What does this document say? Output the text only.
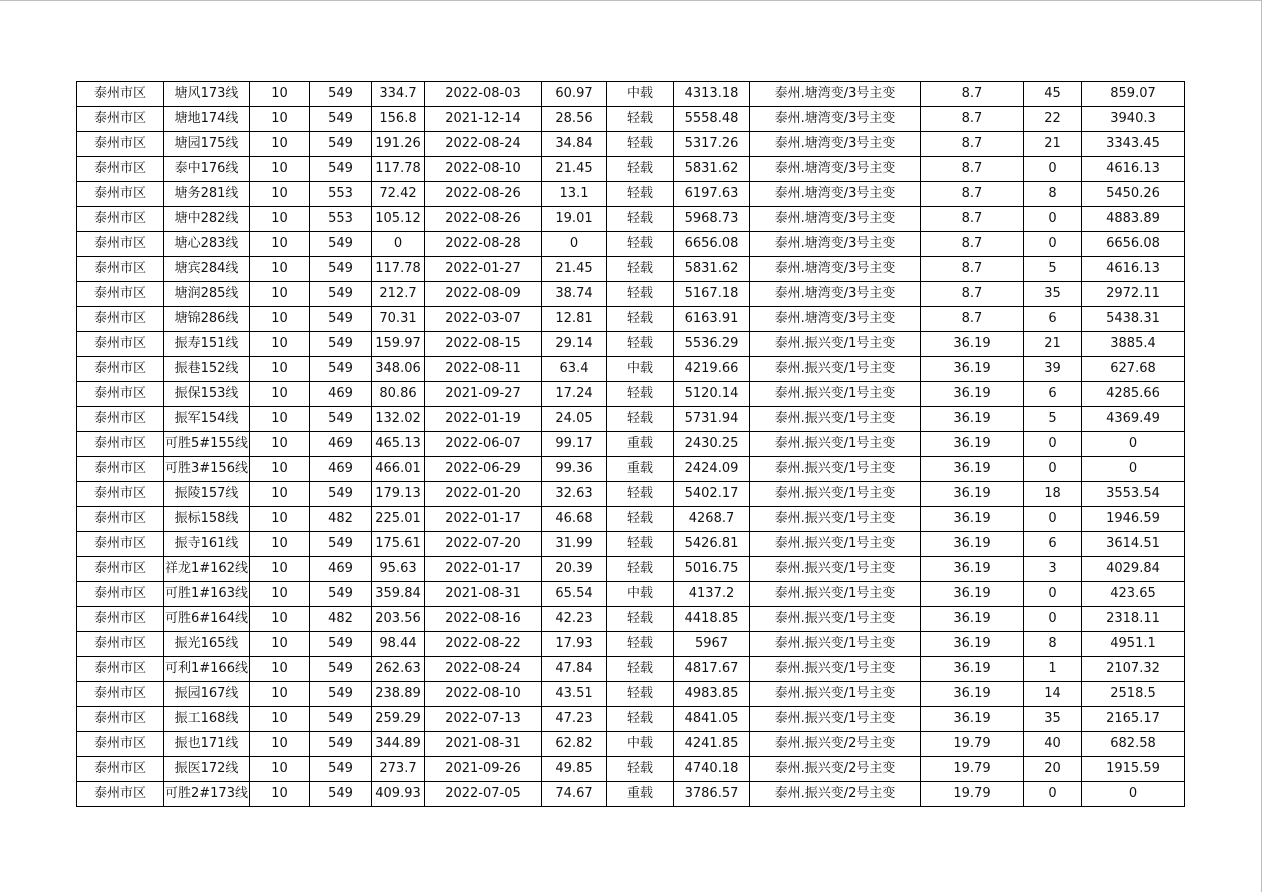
泰州市区	塘风173线	10	549	334.7	2022-08-03	60.97	中载	4313.18	泰州.塘湾变/3号主变	8.7	45	859.07
泰州市区	塘地174线	10	549	156.8	2021-12-14	28.56	轻载	5558.48	泰州.塘湾变/3号主变	8.7	22	3940.3
泰州市区	塘园175线	10	549	191.26	2022-08-24	34.84	轻载	5317.26	泰州.塘湾变/3号主变	8.7	21	3343.45
泰州市区	泰中176线	10	549	117.78	2022-08-10	21.45	轻载	5831.62	泰州.塘湾变/3号主变	8.7	0	4616.13
泰州市区	塘务281线	10	553	72.42	2022-08-26	13.1	轻载	6197.63	泰州.塘湾变/3号主变	8.7	8	5450.26
泰州市区	塘中282线	10	553	105.12	2022-08-26	19.01	轻载	5968.73	泰州.塘湾变/3号主变	8.7	0	4883.89
泰州市区	塘心283线	10	549	0	2022-08-28	0	轻载	6656.08	泰州.塘湾变/3号主变	8.7	0	6656.08
泰州市区	塘宾284线	10	549	117.78	2022-01-27	21.45	轻载	5831.62	泰州.塘湾变/3号主变	8.7	5	4616.13
泰州市区	塘润285线	10	549	212.7	2022-08-09	38.74	轻载	5167.18	泰州.塘湾变/3号主变	8.7	35	2972.11
泰州市区	塘锦286线	10	549	70.31	2022-03-07	12.81	轻载	6163.91	泰州.塘湾变/3号主变	8.7	6	5438.31
泰州市区	振寿151线	10	549	159.97	2022-08-15	29.14	轻载	5536.29	泰州.振兴变/1号主变	36.19	21	3885.4
泰州市区	振巷152线	10	549	348.06	2022-08-11	63.4	中载	4219.66	泰州.振兴变/1号主变	36.19	39	627.68
泰州市区	振保153线	10	469	80.86	2021-09-27	17.24	轻载	5120.14	泰州.振兴变/1号主变	36.19	6	4285.66
泰州市区	振军154线	10	549	132.02	2022-01-19	24.05	轻载	5731.94	泰州.振兴变/1号主变	36.19	5	4369.49
泰州市区	可胜5#155线	10	469	465.13	2022-06-07	99.17	重载	2430.25	泰州.振兴变/1号主变	36.19	0	0
泰州市区	可胜3#156线	10	469	466.01	2022-06-29	99.36	重载	2424.09	泰州.振兴变/1号主变	36.19	0	0
泰州市区	振陵157线	10	549	179.13	2022-01-20	32.63	轻载	5402.17	泰州.振兴变/1号主变	36.19	18	3553.54
泰州市区	振标158线	10	482	225.01	2022-01-17	46.68	轻载	4268.7	泰州.振兴变/1号主变	36.19	0	1946.59
泰州市区	振寺161线	10	549	175.61	2022-07-20	31.99	轻载	5426.81	泰州.振兴变/1号主变	36.19	6	3614.51
泰州市区	祥龙1#162线	10	469	95.63	2022-01-17	20.39	轻载	5016.75	泰州.振兴变/1号主变	36.19	3	4029.84
泰州市区	可胜1#163线	10	549	359.84	2021-08-31	65.54	中载	4137.2	泰州.振兴变/1号主变	36.19	0	423.65
泰州市区	可胜6#164线	10	482	203.56	2022-08-16	42.23	轻载	4418.85	泰州.振兴变/1号主变	36.19	0	2318.11
泰州市区	振光165线	10	549	98.44	2022-08-22	17.93	轻载	5967	泰州.振兴变/1号主变	36.19	8	4951.1
泰州市区	可利1#166线	10	549	262.63	2022-08-24	47.84	轻载	4817.67	泰州.振兴变/1号主变	36.19	1	2107.32
泰州市区	振园167线	10	549	238.89	2022-08-10	43.51	轻载	4983.85	泰州.振兴变/1号主变	36.19	14	2518.5
泰州市区	振工168线	10	549	259.29	2022-07-13	47.23	轻载	4841.05	泰州.振兴变/1号主变	36.19	35	2165.17
泰州市区	振也171线	10	549	344.89	2021-08-31	62.82	中载	4241.85	泰州.振兴变/2号主变	19.79	40	682.58
泰州市区	振医172线	10	549	273.7	2021-09-26	49.85	轻载	4740.18	泰州.振兴变/2号主变	19.79	20	1915.59
泰州市区	可胜2#173线	10	549	409.93	2022-07-05	74.67	重载	3786.57	泰州.振兴变/2号主变	19.79	0	0
